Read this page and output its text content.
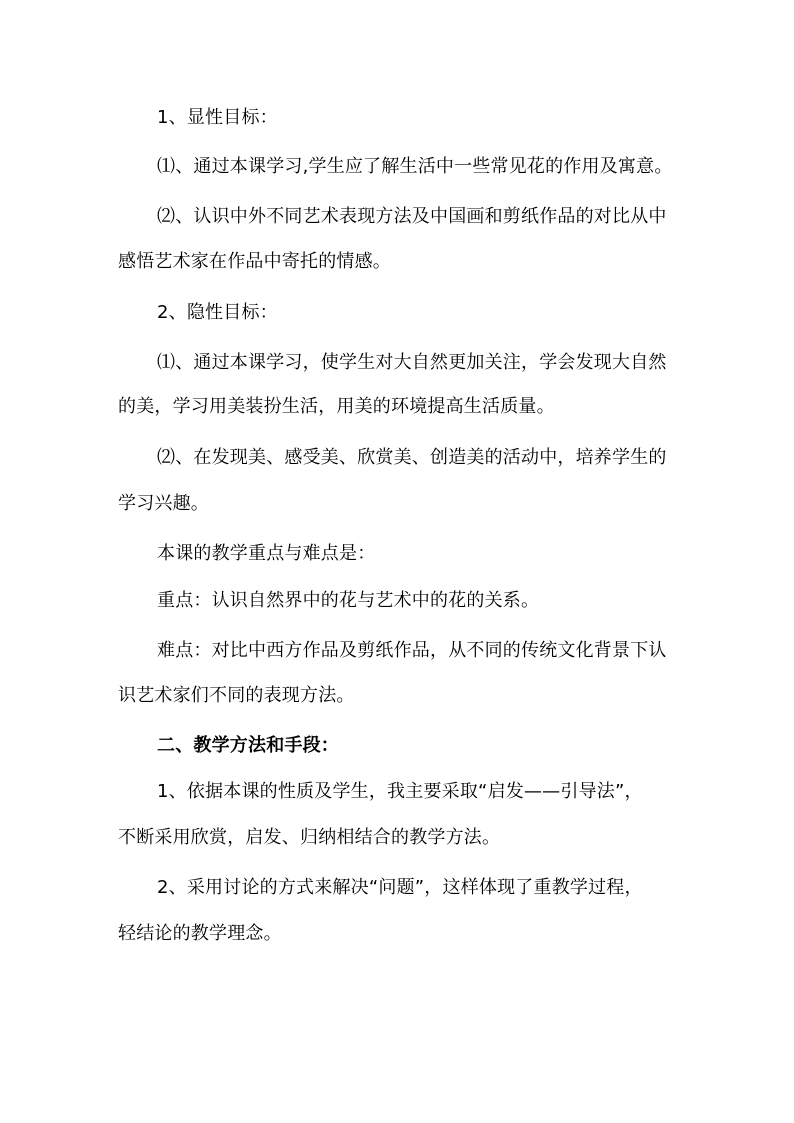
1、显性目标：
⑴、通过本课学习,学生应了解生活中一些常见花的作用及寓意。
⑵、认识中外不同艺术表现方法及中国画和剪纸作品的对比从中
感悟艺术家在作品中寄托的情感。
2、隐性目标：
⑴、通过本课学习，使学生对大自然更加关注，学会发现大自然
的美，学习用美装扮生活，用美的环境提高生活质量。
⑵、在发现美、感受美、欣赏美、创造美的活动中，培养学生的
学习兴趣。
本课的教学重点与难点是：
重点：认识自然界中的花与艺术中的花的关系。
难点：对比中西方作品及剪纸作品，从不同的传统文化背景下认
识艺术家们不同的表现方法。
二、教学方法和手段：
1、依据本课的性质及学生，我主要采取“启发——引导法”，
不断采用欣赏，启发、归纳相结合的教学方法。
2、采用讨论的方式来解决“问题”，这样体现了重教学过程，
轻结论的教学理念。
